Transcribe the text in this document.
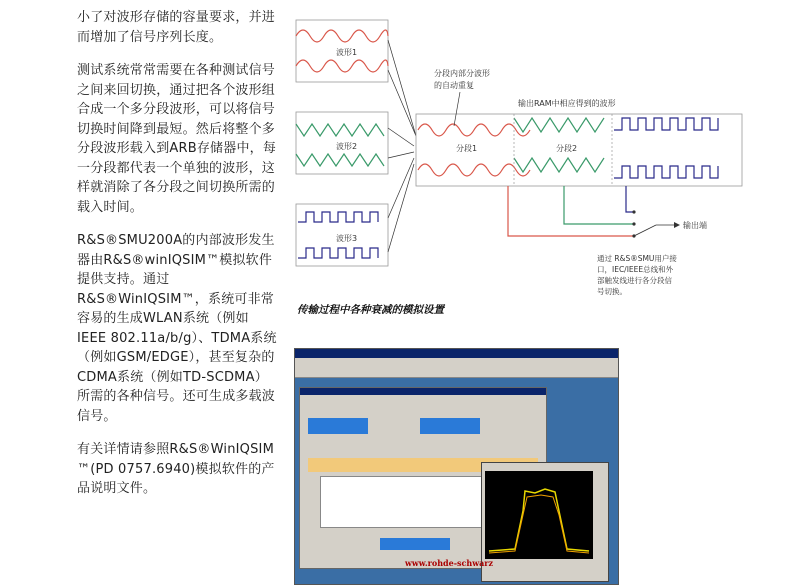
小了对波形存储的容量要求，并进而增加了信号序列长度。

测试系统常常需要在各种测试信号之间来回切换，通过把各个波形组合成一个多分段波形，可以将信号切换时间降到最短。然后将整个多分段波形载入到ARB存储器中，每一分段都代表一个单独的波形，这样就消除了各分段之间切换所需的载入时间。

R&S®SMU200A的内部波形发生器由R&S®winIQSIM™模拟软件提供支持。通过R&S®WinIQSIM™，系统可非常容易的生成WLAN系统（例如IEEE 802.11a/b/g）、TDMA系统（例如GSM/EDGE），甚至复杂的CDMA系统（例如TD-SCDMA）所需的各种信号。还可生成多载波信号。

有关详情请参照R&S®WinIQSIM ™(PD 0757.6940)模拟软件的产品说明文件。

波形1
波形2
波形3
分段1	分段2
分段内部分波形
的自动重复
输出RAM中相应得到的波形
输出端
通过 R&S®SMU用户接口，IEC/IEEE总线和外部触发线进行各分段信号切换。
传输过程中各种衰减的模拟设置
www.rohde-schwarz
